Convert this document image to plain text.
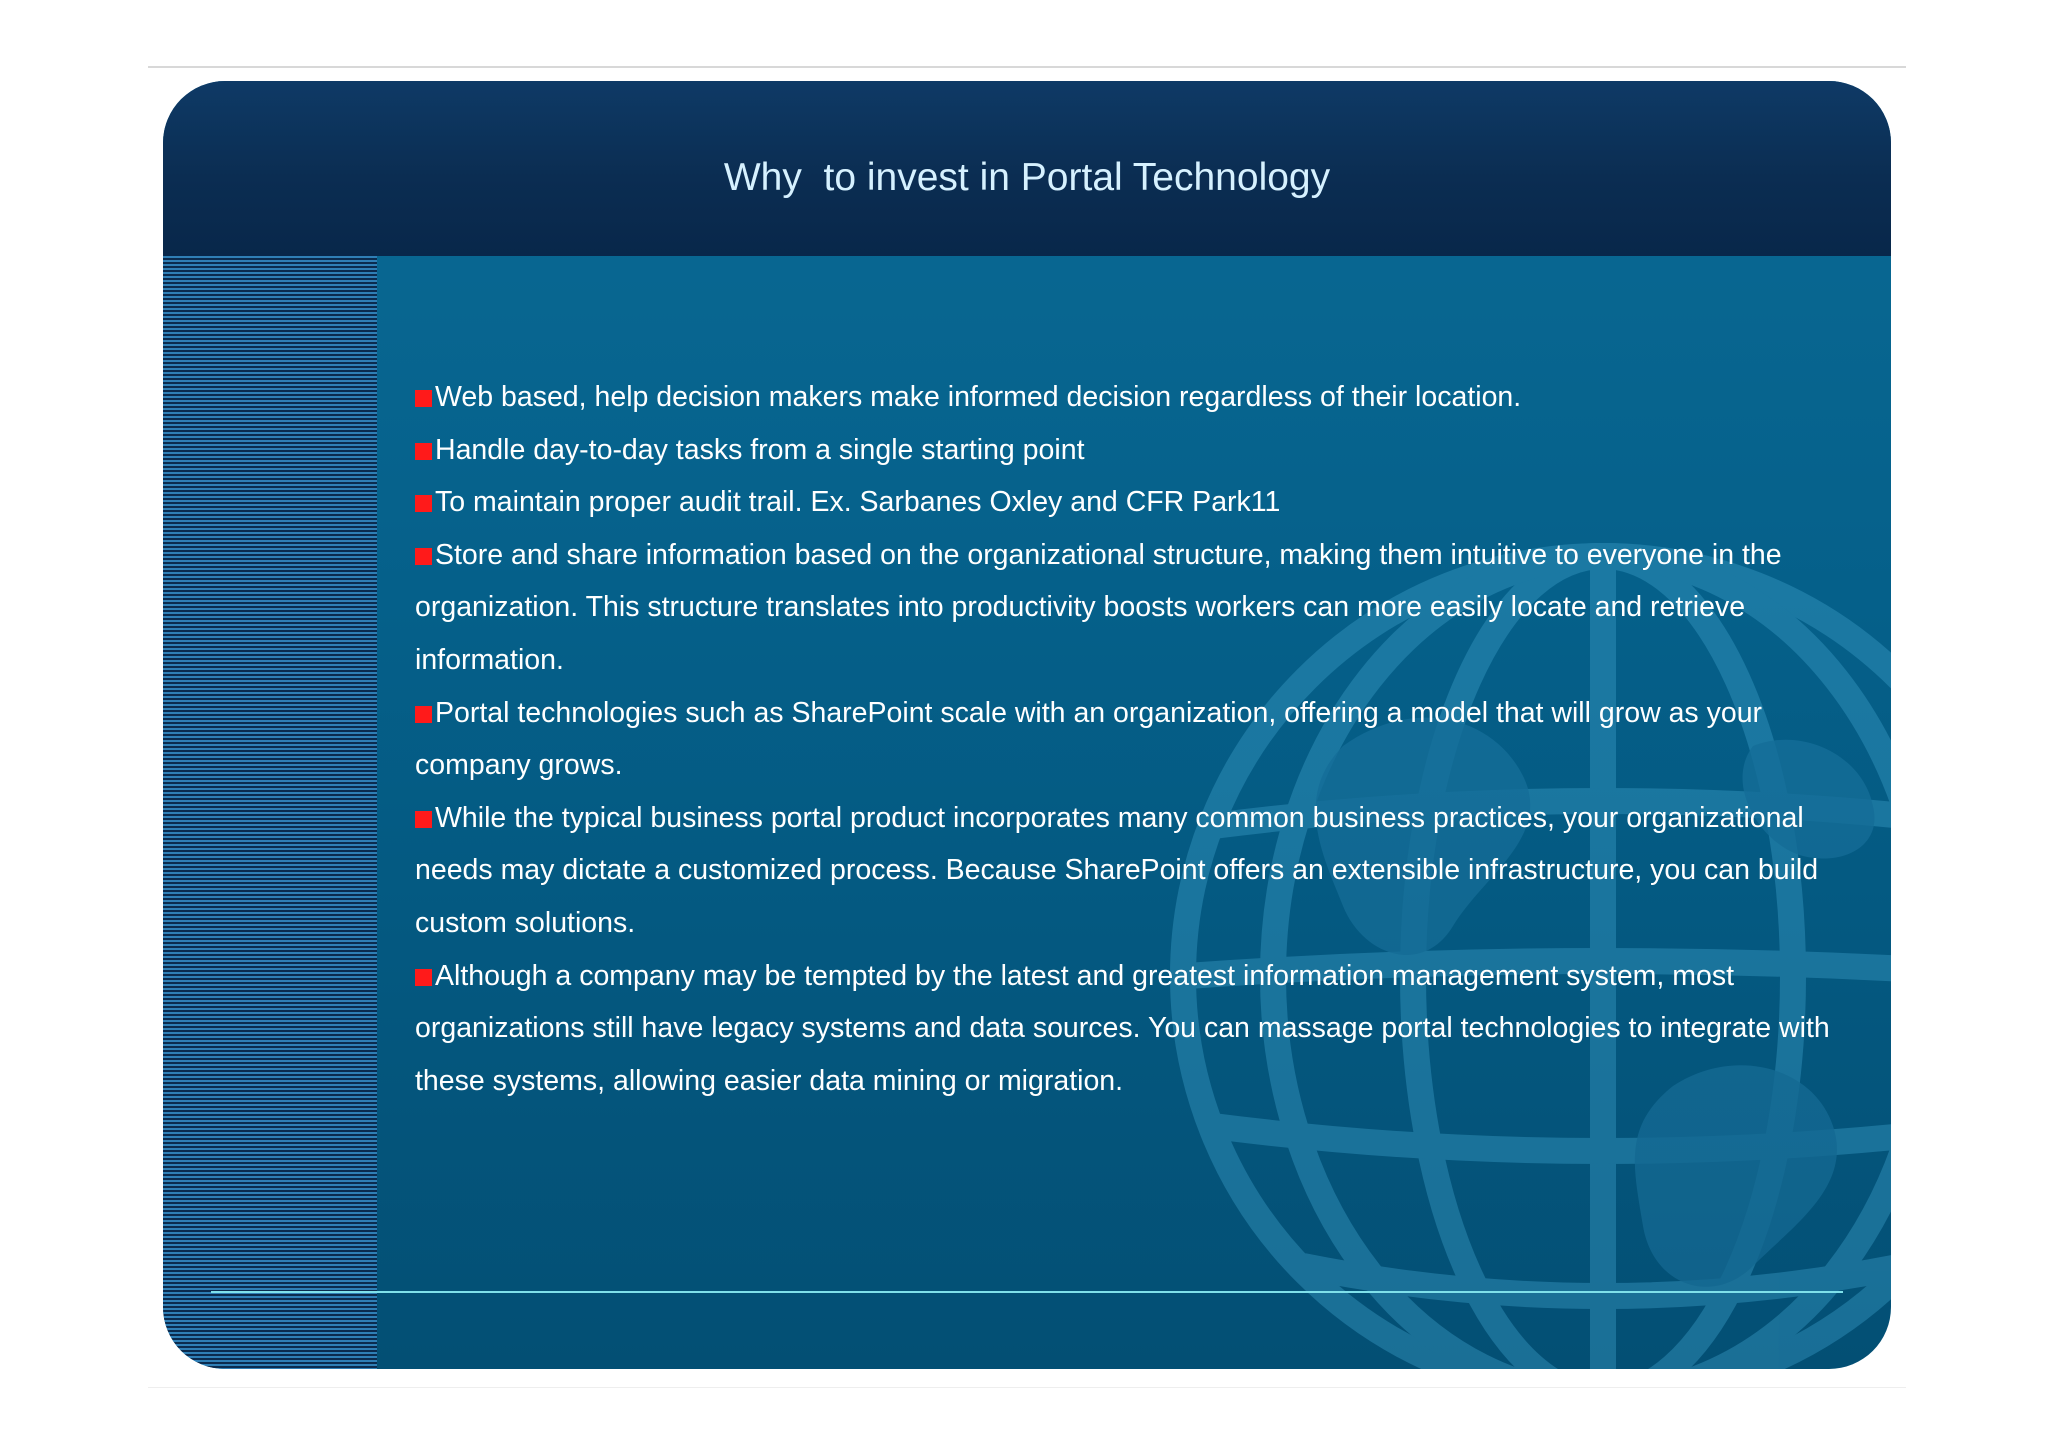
Why  to invest in Portal Technology

Web based, help decision makers make informed decision regardless of their location.

Handle day-to-day tasks from a single starting point

To maintain proper audit trail. Ex. Sarbanes Oxley and CFR Park11

Store and share information based on the organizational structure, making them intuitive to everyone in the organization. This structure translates into productivity boosts workers can more easily locate and retrieve information.

Portal technologies such as SharePoint scale with an organization, offering a model that will grow as your company grows.

While the typical business portal product incorporates many common business practices, your organizational needs may dictate a customized process. Because SharePoint offers an extensible infrastructure, you can build custom solutions.

Although a company may be tempted by the latest and greatest information management system, most organizations still have legacy systems and data sources. You can massage portal technologies to integrate with these systems, allowing easier data mining or migration.
